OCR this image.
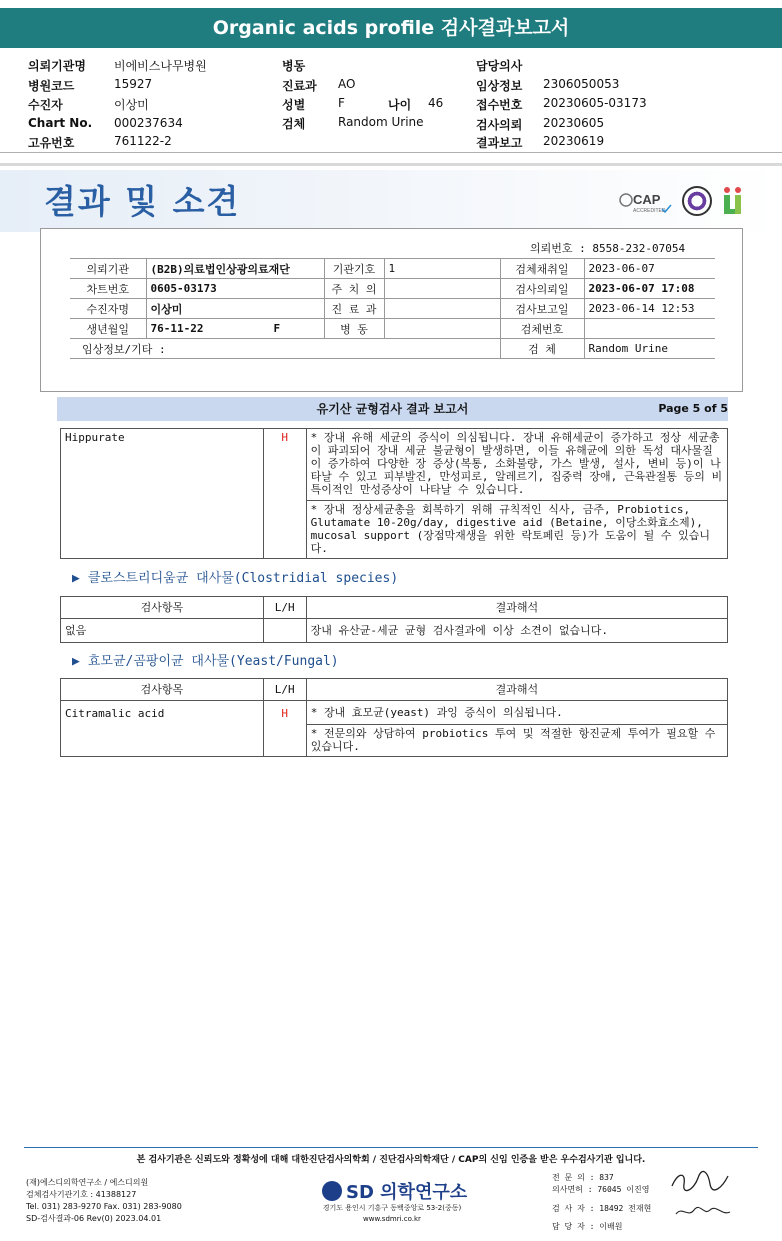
Organic acids profile 검사결과보고서
의뢰기관명 비에비스나무병원	병동	담당의사
병원코드	15927	진료과 AO	임상정보 2306050053
수진자	이상미	성별	F	나이 46	접수번호 20230605-03173
Chart No. 000237634	검체	Random Urine	검사의뢰 20230605
고유번호	761122-2	결과보고 20230619
결과 및 소견	CAP
ACCREDITED
의뢰번호 : 8558-232-07054
의뢰기관	(B2B)의료법인상광의료재단	기관기호	1	검체채취일	2023-06-07
차트번호	0605-03173	주 치 의		검사의뢰일	2023-06-07 17:08
수진자명	이상미	진 료 과		검사보고일	2023-06-14 12:53
생년월일	76-11-22 F	병 동		검체번호	
임상정보/기타 :				검 체	Random Urine
유기산 균형검사 결과 보고서	Page 5 of 5
Hippurate	H	* 장내 유해 세균의 증식이 의심됩니다. 장내 유해세균이 증가하고 정상 세균총이 파괴되어 장내 세균 불균형이 발생하면, 이들 유해균에 의한 독성 대사물질이 증가하여 다양한 장 증상(복통, 소화불량, 가스 발생, 설사, 변비 등)이 나타날 수 있고 피부발진, 만성피로, 알레르기, 집중력 장애, 근육관절통 등의 비특이적인 만성증상이 나타날 수 있습니다.
* 장내 정상세균총을 회복하기 위해 규칙적인 식사, 금주, Probiotics, Glutamate 10-20g/day, digestive aid (Betaine, 이당소화효소제), mucosal support (장점막재생을 위한 락토페린 등)가 도움이 될 수 있습니다.
▶ 클로스트리디움균 대사물(Clostridial species)
검사항목	L/H	결과해석
없음		장내 유산균-세균 균형 검사결과에 이상 소견이 없습니다.
▶ 효모균/곰팡이균 대사물(Yeast/Fungal)
검사항목	L/H	결과해석
Citramalic acid	H	* 장내 효모균(yeast) 과잉 증식이 의심됩니다.
		* 전문의와 상담하여 probiotics 투여 및 적절한 항진균제 투여가 필요할 수 있습니다.
본 검사기관은 신뢰도와 정확성에 대해 대한진단검사의학회 / 진단검사의학재단 / CAP의 신임 인증을 받은 우수검사기관 입니다.
(재)에스디의학연구소 / 에스디의원
검체검사기관기호 : 41388127
Tel. 031) 283-9270 Fax. 031) 283-9080
SD-검사결과-06 Rev(0) 2023.04.01
SD 의학연구소
경기도 용인시 기흥구 동백중앙로 53-2(중동)
www.sdmri.co.kr
전 문 의 : 837
의사면허 : 76045 이진영
검 사 자 : 18492 전재현
담 당 자 : 이배원
